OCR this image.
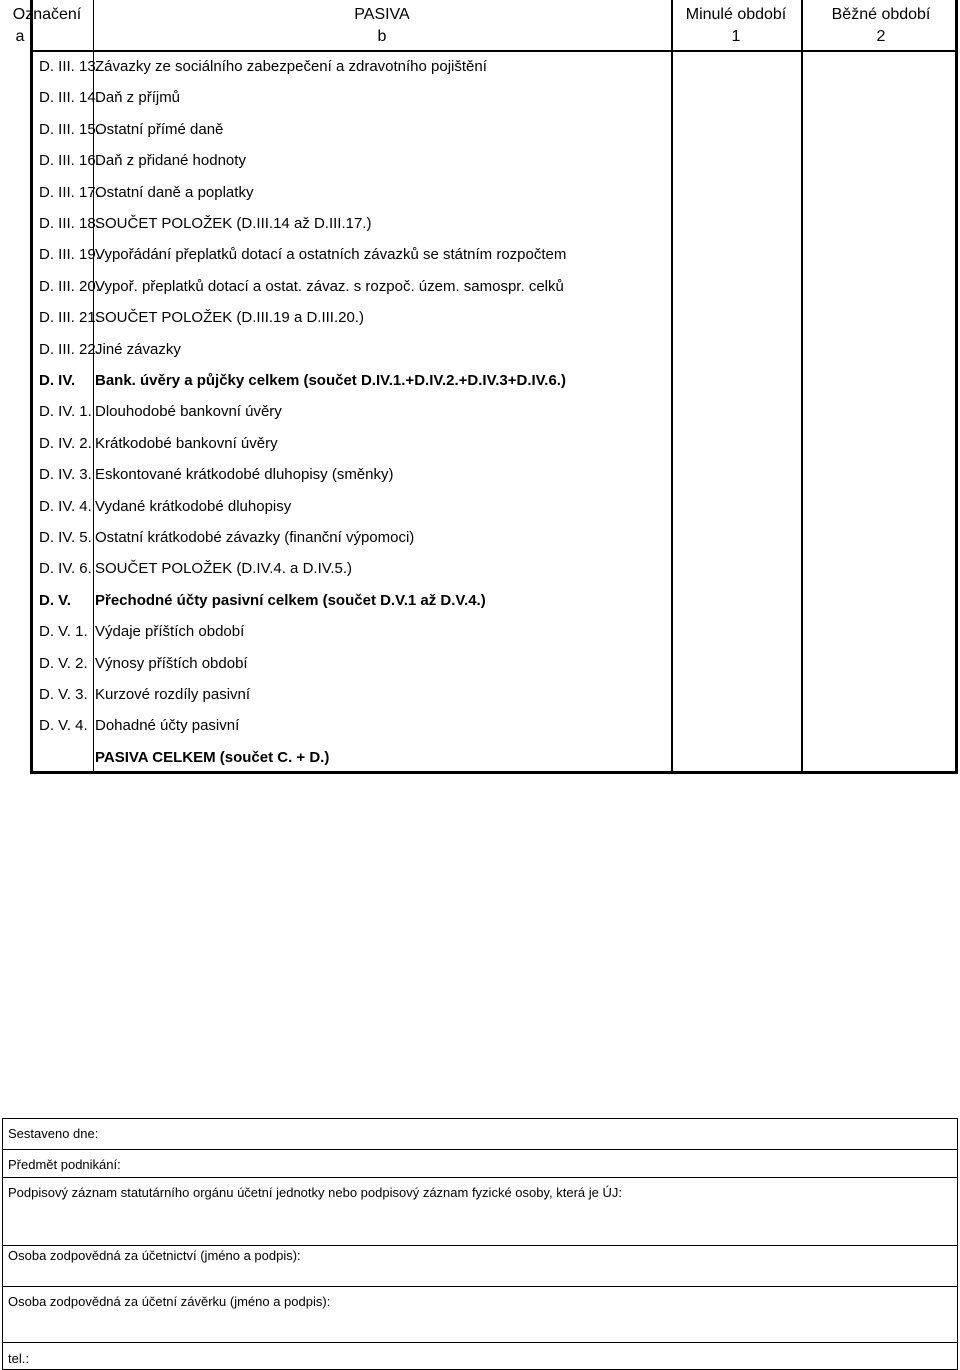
Označení
a
PASIVA
b
Minulé období
1
Běžné období
2
D. III. 13.
Závazky ze sociálního zabezpečení a zdravotního pojištění
D. III. 14.
Daň z příjmů
D. III. 15.
Ostatní přímé daně
D. III. 16.
Daň z přidané hodnoty
D. III. 17.
Ostatní daně a poplatky
D. III. 18.
SOUČET POLOŽEK (D.III.14 až D.III.17.)
D. III. 19.
Vypořádání přeplatků dotací a ostatních závazků se státním rozpočtem
D. III. 20.
Vypoř. přeplatků dotací a ostat. závaz. s rozpoč. územ. samospr. celků
D. III. 21.
SOUČET POLOŽEK (D.III.19 a D.III.20.)
D. III. 22.
Jiné závazky
D. IV. Bank. úvěry a půjčky celkem (součet D.IV.1.+D.IV.2.+D.IV.3+D.IV.6.)
D. IV. 1. Dlouhodobé bankovní úvěry
D. IV. 2. Krátkodobé bankovní úvěry
D. IV. 3. Eskontované krátkodobé dluhopisy (směnky)
D. IV. 4. Vydané krátkodobé dluhopisy
D. IV. 5. Ostatní krátkodobé závazky (finanční výpomoci)
D. IV. 6. SOUČET POLOŽEK (D.IV.4. a D.IV.5.)
D. V. Přechodné účty pasivní celkem (součet D.V.1 až D.V.4.)
D. V. 1. Výdaje příštích období
D. V. 2. Výnosy příštích období
D. V. 3. Kurzové rozdíly pasivní
D. V. 4. Dohadné účty pasivní
PASIVA CELKEM (součet C. + D.)
Sestaveno dne:
Předmět podnikání:
Podpisový záznam statutárního orgánu účetní jednotky nebo podpisový záznam fyzické osoby, která je ÚJ:
Osoba zodpovědná za účetnictví (jméno a podpis):
Osoba zodpovědná za účetní závěrku (jméno a podpis):
tel.:
